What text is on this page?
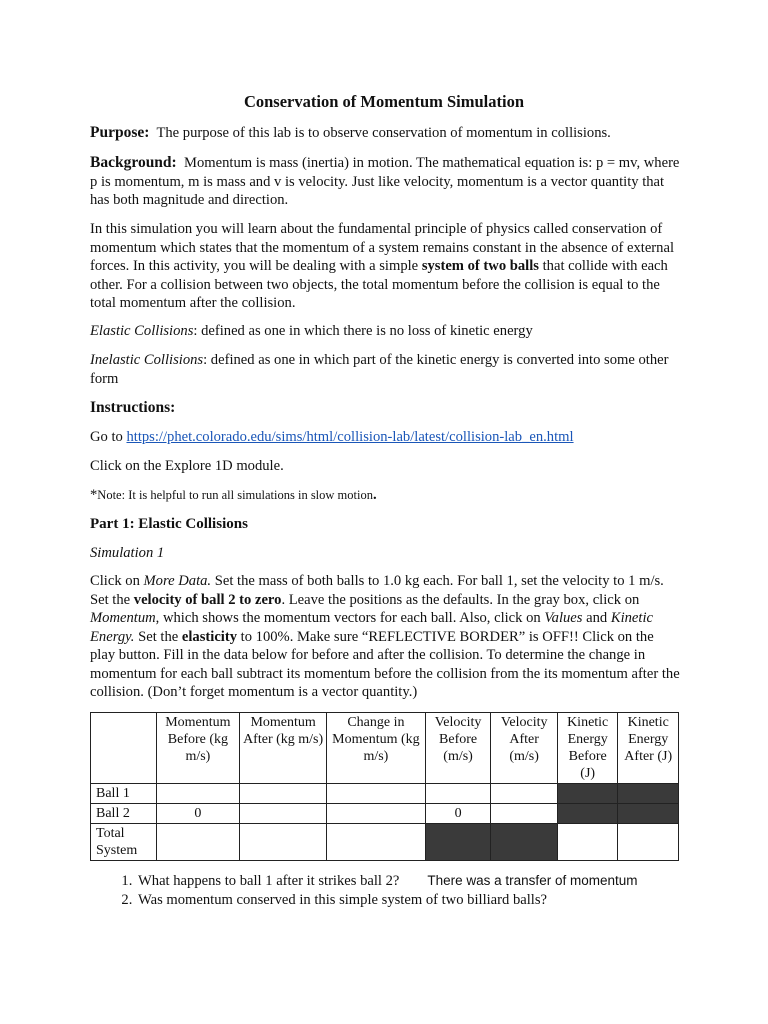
Conservation of Momentum Simulation
Purpose: The purpose of this lab is to observe conservation of momentum in collisions.
Background: Momentum is mass (inertia) in motion. The mathematical equation is: p = mv, where p is momentum, m is mass and v is velocity. Just like velocity, momentum is a vector quantity that has both magnitude and direction.
In this simulation you will learn about the fundamental principle of physics called conservation of momentum which states that the momentum of a system remains constant in the absence of external forces. In this activity, you will be dealing with a simple system of two balls that collide with each other. For a collision between two objects, the total momentum before the collision is equal to the total momentum after the collision.
Elastic Collisions: defined as one in which there is no loss of kinetic energy
Inelastic Collisions: defined as one in which part of the kinetic energy is converted into some other form
Instructions:
Go to https://phet.colorado.edu/sims/html/collision-lab/latest/collision-lab_en.html
Click on the Explore 1D module.
*Note: It is helpful to run all simulations in slow motion.
Part 1: Elastic Collisions
Simulation 1
Click on More Data. Set the mass of both balls to 1.0 kg each. For ball 1, set the velocity to 1 m/s. Set the velocity of ball 2 to zero. Leave the positions as the defaults. In the gray box, click on Momentum, which shows the momentum vectors for each ball. Also, click on Values and Kinetic Energy. Set the elasticity to 100%. Make sure “REFLECTIVE BORDER” is OFF!! Click on the play button. Fill in the data below for before and after the collision. To determine the change in momentum for each ball subtract its momentum before the collision from the its momentum after the collision. (Don’t forget momentum is a vector quantity.)
	Momentum Before (kg m/s)	Momentum After (kg m/s)	Change in Momentum (kg m/s)	Velocity Before (m/s)	Velocity After (m/s)	Kinetic Energy Before (J)	Kinetic Energy After (J)
Ball 1							
Ball 2	0			0			
Total System							
1. What happens to ball 1 after it strikes ball 2? There was a transfer of momentum
2. Was momentum conserved in this simple system of two billiard balls?
